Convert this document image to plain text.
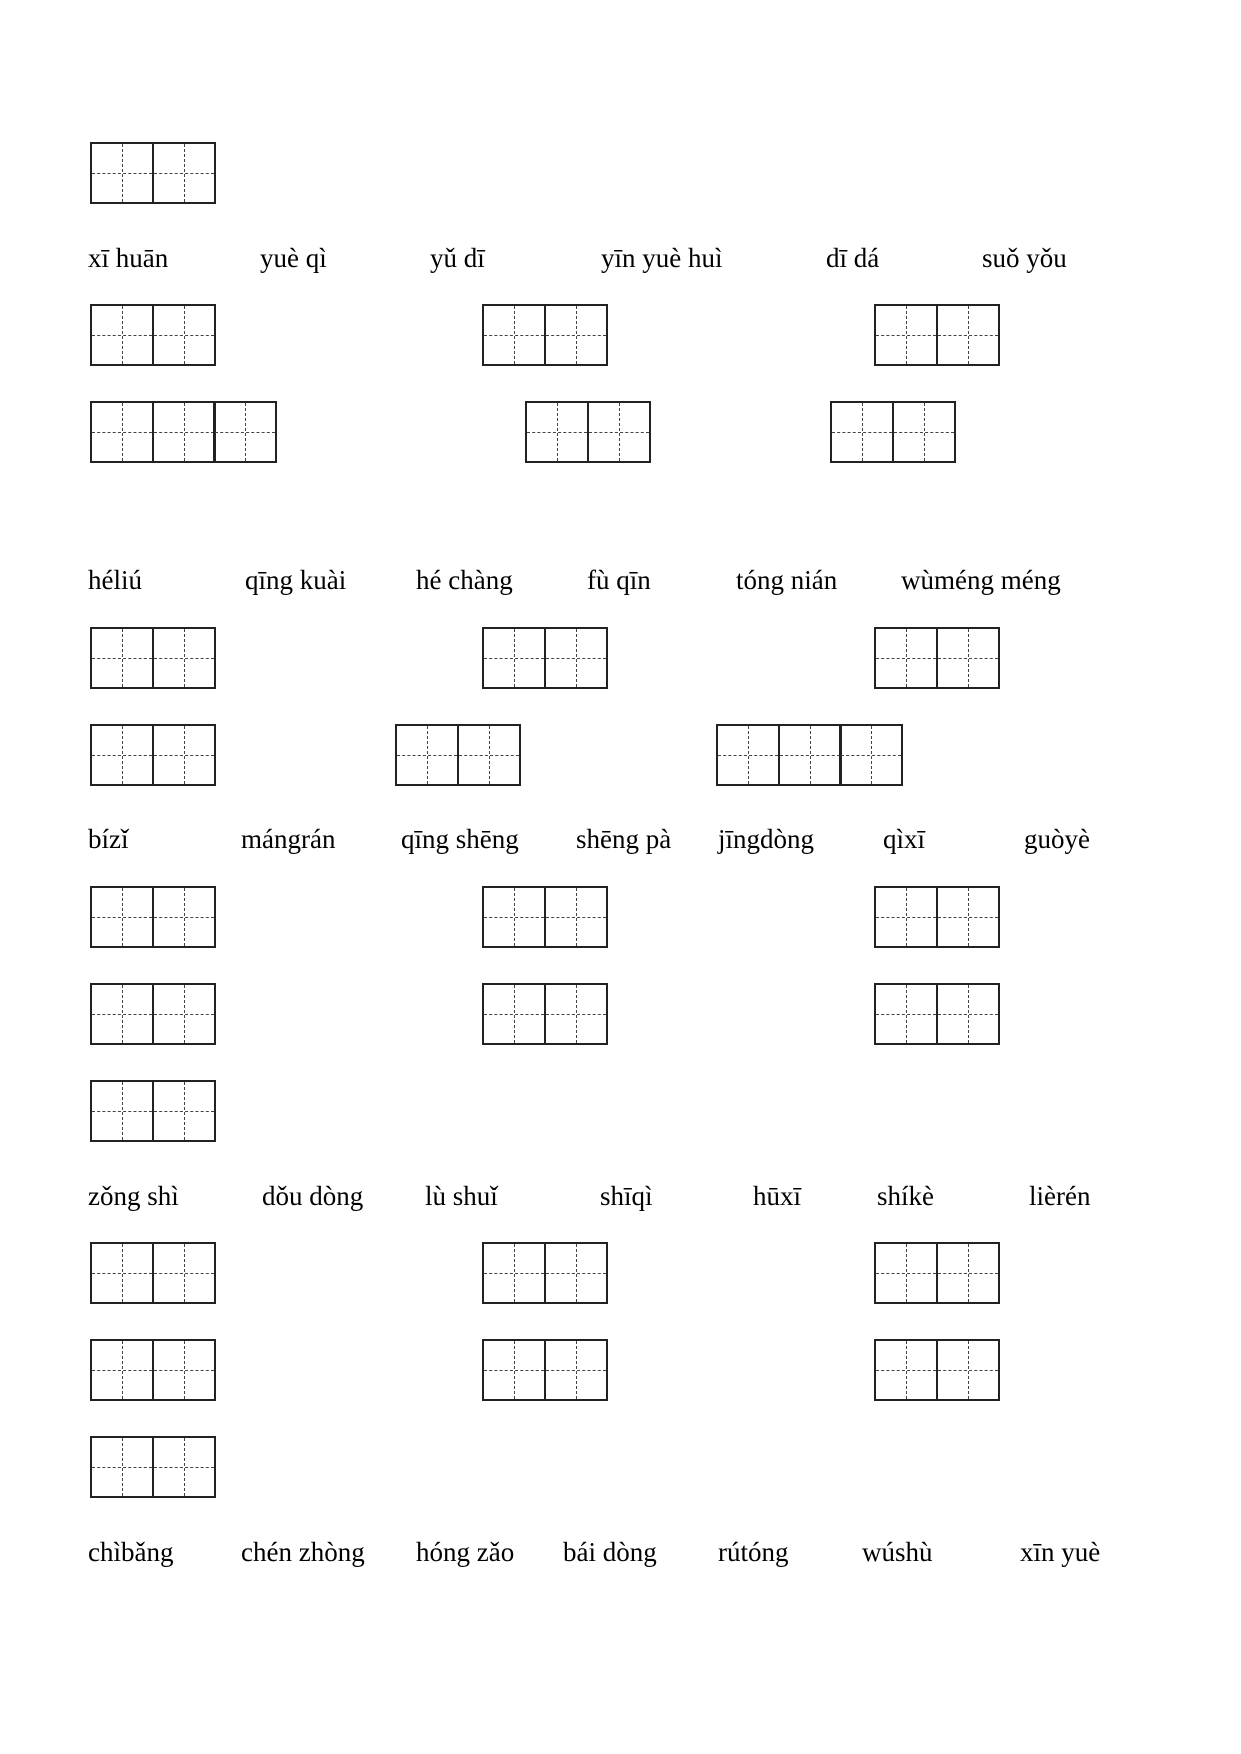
xī huān	yuè qì	yǔ dī	yīn yuè huì	dī dá	suǒ yǒu
héliú	qīng kuài	hé chàng	fù qīn	tóng nián wùméng méng
bízǐ	mángrán qīng shēng shēng pà jīngdòng	qìxī	guòyè
zǒng shì	dǒu dòng lù shuǐ	shīqì	hūxī	shíkè	lièrén
chìbǎng	chén zhòng hóng zǎo bái dòng rútóng	wúshù	xīn yuè
